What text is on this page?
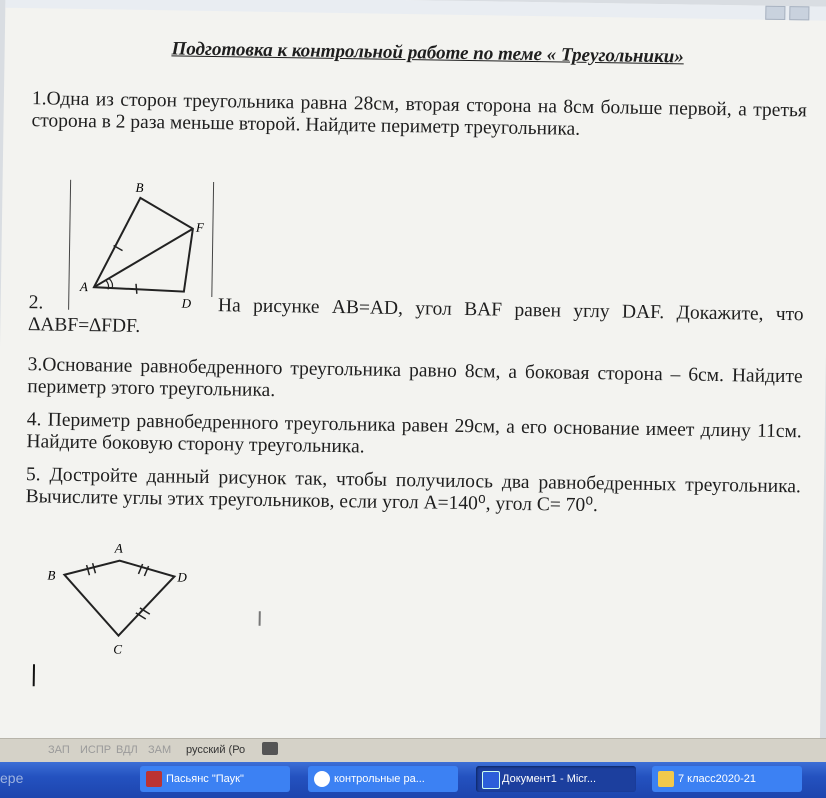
Подготовка к контрольной работе по теме « Треугольники»
1.Одна из сторон треугольника равна 28см, вторая сторона на 8см больше первой, а третья сторона в 2 раза меньше второй. Найдите периметр треугольника.
B
F
A
D
2.	На рисунке AB=AD, угол BAF равен углу DAF. Докажите, что ∆ABF=∆FDF.
3.Основание равнобедренного треугольника равно 8см, а боковая сторона – 6см. Найдите периметр этого треугольника.
4. Периметр равнобедренного треугольника равен 29см, а его основание имеет длину 11см. Найдите боковую сторону треугольника.
5. Достройте данный рисунок так, чтобы получилось два равнобедренных треугольника. Вычислите углы этих треугольников, если угол A=140⁰, угол C= 70⁰.
A
B	D
C
I
ЗАП ИСПР ВДЛ ЗАМ русский (Ро
epe	Пасьянс "Паук"	контрольные ра...	Документ1 - Micr...	7 класс2020-21
